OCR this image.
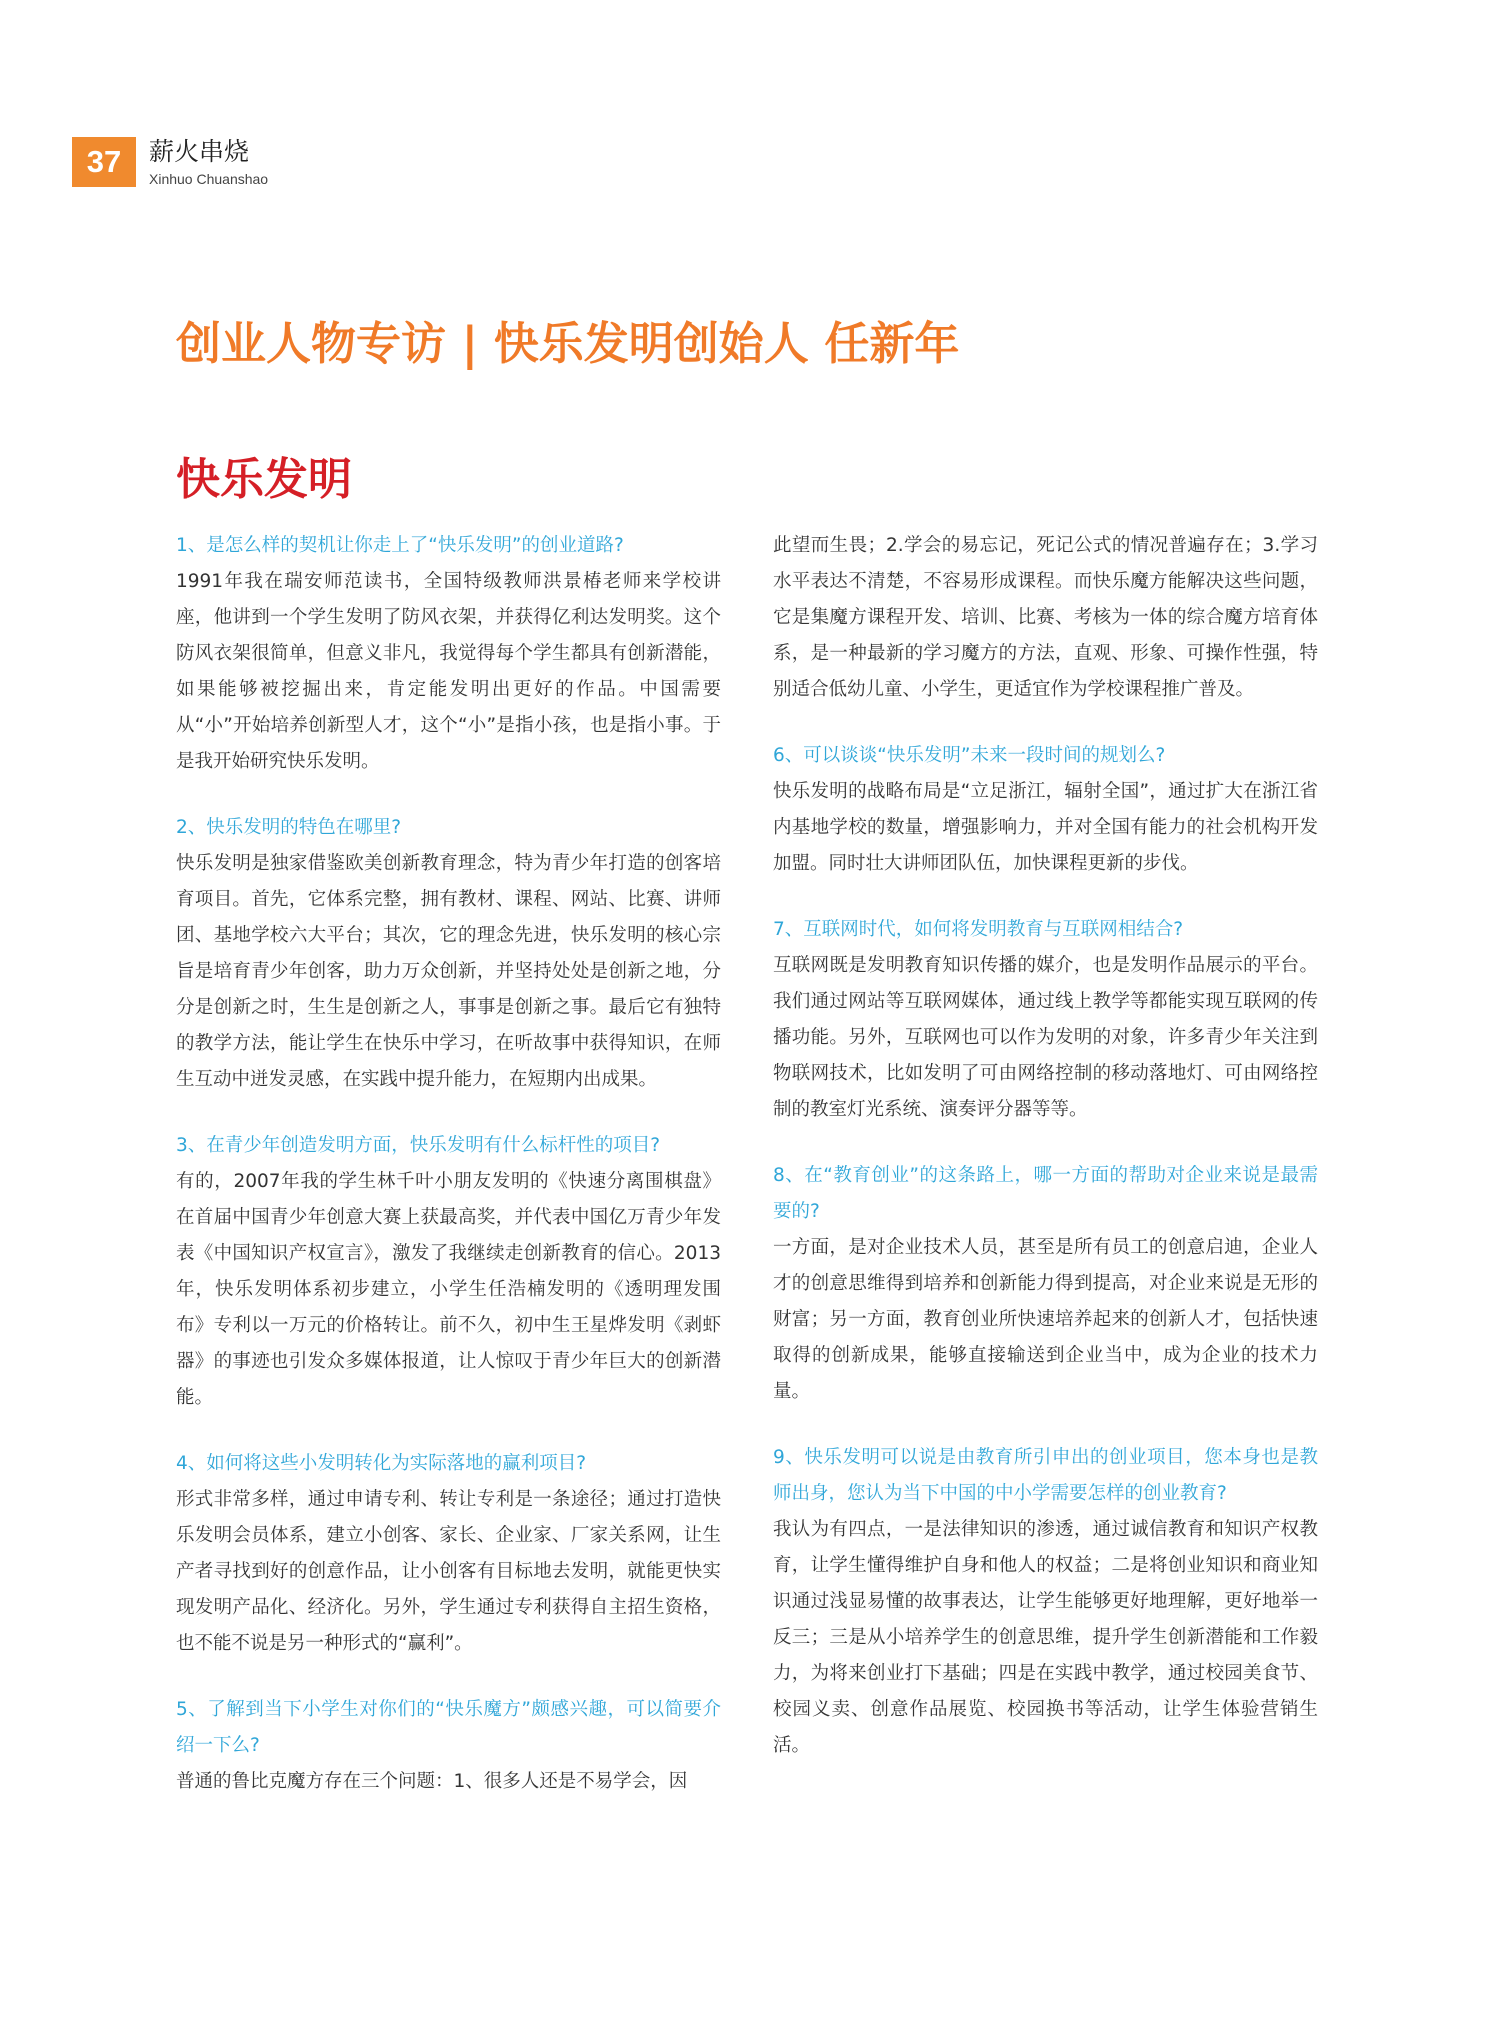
37	薪火串烧
Xinhuo Chuanshao
创业人物专访 | 快乐发明创始人 任新年
快乐发明
1、是怎么样的契机让你走上了“快乐发明”的创业道路?
1991年我在瑞安师范读书，全国特级教师洪景椿老师来学校讲座，他讲到一个学生发明了防风衣架，并获得亿利达发明奖。这个防风衣架很简单，但意义非凡，我觉得每个学生都具有创新潜能，如果能够被挖掘出来，肯定能发明出更好的作品。中国需要从“小”开始培养创新型人才，这个“小”是指小孩，也是指小事。于是我开始研究快乐发明。
2、快乐发明的特色在哪里?
快乐发明是独家借鉴欧美创新教育理念，特为青少年打造的创客培育项目。首先，它体系完整，拥有教材、课程、网站、比赛、讲师团、基地学校六大平台；其次，它的理念先进，快乐发明的核心宗旨是培育青少年创客，助力万众创新，并坚持处处是创新之地，分分是创新之时，生生是创新之人，事事是创新之事。最后它有独特的教学方法，能让学生在快乐中学习，在听故事中获得知识，在师生互动中迸发灵感，在实践中提升能力，在短期内出成果。
3、在青少年创造发明方面，快乐发明有什么标杆性的项目?
有的，2007年我的学生林千叶小朋友发明的《快速分离围棋盘》在首届中国青少年创意大赛上获最高奖，并代表中国亿万青少年发表《中国知识产权宣言》，激发了我继续走创新教育的信心。2013年，快乐发明体系初步建立，小学生任浩楠发明的《透明理发围布》专利以一万元的价格转让。前不久，初中生王星烨发明《剥虾器》的事迹也引发众多媒体报道，让人惊叹于青少年巨大的创新潜能。
4、如何将这些小发明转化为实际落地的赢利项目?
形式非常多样，通过申请专利、转让专利是一条途径；通过打造快乐发明会员体系，建立小创客、家长、企业家、厂家关系网，让生产者寻找到好的创意作品，让小创客有目标地去发明，就能更快实现发明产品化、经济化。另外，学生通过专利获得自主招生资格，也不能不说是另一种形式的“赢利”。
5、了解到当下小学生对你们的“快乐魔方”颇感兴趣，可以简要介绍一下么?
普通的鲁比克魔方存在三个问题：1、很多人还是不易学会，因
此望而生畏；2.学会的易忘记，死记公式的情况普遍存在；3.学习水平表达不清楚，不容易形成课程。而快乐魔方能解决这些问题，它是集魔方课程开发、培训、比赛、考核为一体的综合魔方培育体系，是一种最新的学习魔方的方法，直观、形象、可操作性强，特别适合低幼儿童、小学生，更适宜作为学校课程推广普及。
6、可以谈谈“快乐发明”未来一段时间的规划么?
快乐发明的战略布局是“立足浙江，辐射全国”，通过扩大在浙江省内基地学校的数量，增强影响力，并对全国有能力的社会机构开发加盟。同时壮大讲师团队伍，加快课程更新的步伐。
7、互联网时代，如何将发明教育与互联网相结合?
互联网既是发明教育知识传播的媒介，也是发明作品展示的平台。我们通过网站等互联网媒体，通过线上教学等都能实现互联网的传播功能。另外，互联网也可以作为发明的对象，许多青少年关注到物联网技术，比如发明了可由网络控制的移动落地灯、可由网络控制的教室灯光系统、演奏评分器等等。
8、在“教育创业”的这条路上，哪一方面的帮助对企业来说是最需要的?
一方面，是对企业技术人员，甚至是所有员工的创意启迪，企业人才的创意思维得到培养和创新能力得到提高，对企业来说是无形的财富；另一方面，教育创业所快速培养起来的创新人才，包括快速取得的创新成果，能够直接输送到企业当中，成为企业的技术力量。
9、快乐发明可以说是由教育所引申出的创业项目，您本身也是教师出身，您认为当下中国的中小学需要怎样的创业教育?
我认为有四点，一是法律知识的渗透，通过诚信教育和知识产权教育，让学生懂得维护自身和他人的权益；二是将创业知识和商业知识通过浅显易懂的故事表达，让学生能够更好地理解，更好地举一反三；三是从小培养学生的创意思维，提升学生创新潜能和工作毅力，为将来创业打下基础；四是在实践中教学，通过校园美食节、校园义卖、创意作品展览、校园换书等活动，让学生体验营销生活。
